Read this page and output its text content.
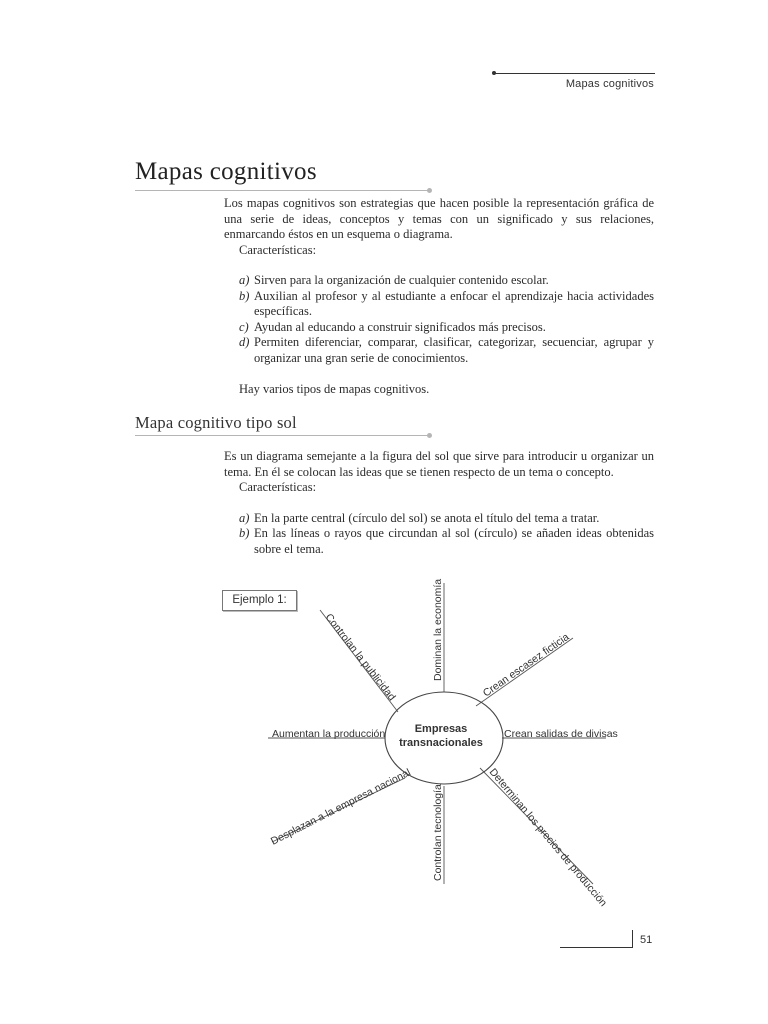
Mapas cognitivos
Mapas cognitivos

Los mapas cognitivos son estrategias que hacen posible la representación gráfica de una serie de ideas, conceptos y temas con un significado y sus relaciones, enmarcando éstos en un esquema o diagrama.

Características:

a) Sirven para la organización de cualquier contenido escolar.
b) Auxilian al profesor y al estudiante a enfocar el aprendizaje hacia actividades específicas.
c) Ayudan al educando a construir significados más precisos.
d) Permiten diferenciar, comparar, clasificar, categorizar, secuenciar, agrupar y organizar una gran serie de conocimientos.

Hay varios tipos de mapas cognitivos.

Mapa cognitivo tipo sol

Es un diagrama semejante a la figura del sol que sirve para introducir u organizar un tema. En él se colocan las ideas que se tienen respecto de un tema o concepto.

Características:

a) En la parte central (círculo del sol) se anota el título del tema a tratar.
b) En las líneas o rayos que circundan al sol (círculo) se añaden ideas obtenidas sobre el tema.
Ejemplo 1:
Empresas
transnacionales
Controlan la publicidad	Dominan la economía	Crean escasez ficticia
Aumentan la producción	Crean salidas de divisas
Desplazan a la empresa nacional Controlan tecnología	Determinan los precios de producción
51
